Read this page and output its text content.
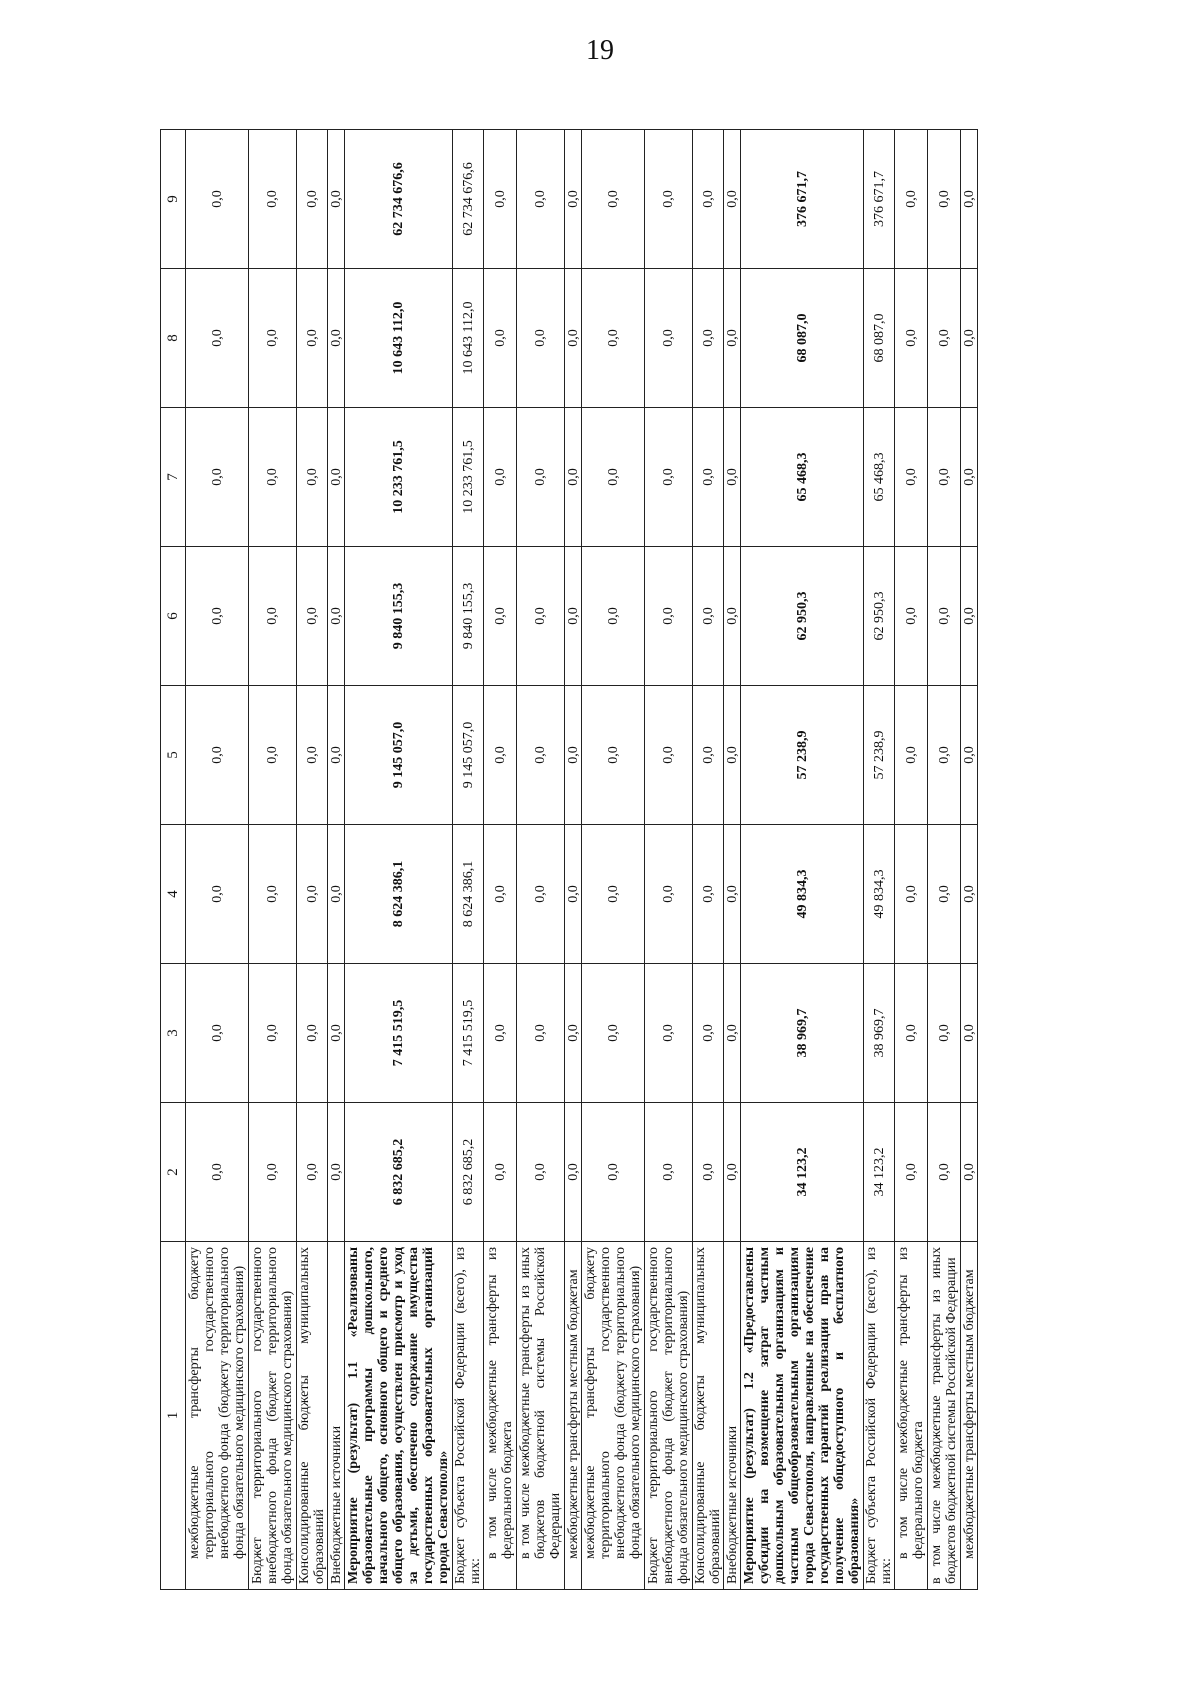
19
1	2	3	4	5	6	7	8	9
межбюджетные трансферты бюджету территориального государственного внебюджетного фонда (бюджету территориального фонда обязательного медицинского страхования)	0,0	0,0	0,0	0,0	0,0	0,0	0,0	0,0
Бюджет территориального государственного внебюджетного фонда (бюджет территориального фонда обязательного медицинского страхования)	0,0	0,0	0,0	0,0	0,0	0,0	0,0	0,0
Консолидированные бюджеты муниципальных образований	0,0	0,0	0,0	0,0	0,0	0,0	0,0	0,0
Внебюджетные источники	0,0	0,0	0,0	0,0	0,0	0,0	0,0	0,0
Мероприятие (результат) 1.1 «Реализованы образовательные программы дошкольного, начального общего, основного общего и среднего общего образования, осуществлен присмотр и уход за детьми, обеспечено содержание имущества государственных образовательных организаций города Севастополя»	6 832 685,2	7 415 519,5	8 624 386,1	9 145 057,0	9 840 155,3	10 233 761,5	10 643 112,0	62 734 676,6
Бюджет субъекта Российской Федерации (всего), из них:	6 832 685,2	7 415 519,5	8 624 386,1	9 145 057,0	9 840 155,3	10 233 761,5	10 643 112,0	62 734 676,6
в том числе межбюджетные трансферты из федерального бюджета	0,0	0,0	0,0	0,0	0,0	0,0	0,0	0,0
в том числе межбюджетные трансферты из иных бюджетов бюджетной системы Российской Федерации	0,0	0,0	0,0	0,0	0,0	0,0	0,0	0,0
межбюджетные трансферты местным бюджетам	0,0	0,0	0,0	0,0	0,0	0,0	0,0	0,0
межбюджетные трансферты бюджету территориального государственного внебюджетного фонда (бюджету территориального фонда обязательного медицинского страхования)	0,0	0,0	0,0	0,0	0,0	0,0	0,0	0,0
Бюджет территориального государственного внебюджетного фонда (бюджет территориального фонда обязательного медицинского страхования)	0,0	0,0	0,0	0,0	0,0	0,0	0,0	0,0
Консолидированные бюджеты муниципальных образований	0,0	0,0	0,0	0,0	0,0	0,0	0,0	0,0
Внебюджетные источники	0,0	0,0	0,0	0,0	0,0	0,0	0,0	0,0
Мероприятие (результат) 1.2 «Предоставлены субсидии на возмещение затрат частным дошкольным образовательным организациям и частным общеобразовательным организациям города Севастополя, направленные на обеспечение государственных гарантий реализации прав на получение общедоступного и бесплатного образования»	34 123,2	38 969,7	49 834,3	57 238,9	62 950,3	65 468,3	68 087,0	376 671,7
Бюджет субъекта Российской Федерации (всего), из них:	34 123,2	38 969,7	49 834,3	57 238,9	62 950,3	65 468,3	68 087,0	376 671,7
в том числе межбюджетные трансферты из федерального бюджета	0,0	0,0	0,0	0,0	0,0	0,0	0,0	0,0
в том числе межбюджетные трансферты из иных бюджетов бюджетной системы Российской Федерации	0,0	0,0	0,0	0,0	0,0	0,0	0,0	0,0
межбюджетные трансферты местным бюджетам	0,0	0,0	0,0	0,0	0,0	0,0	0,0	0,0
